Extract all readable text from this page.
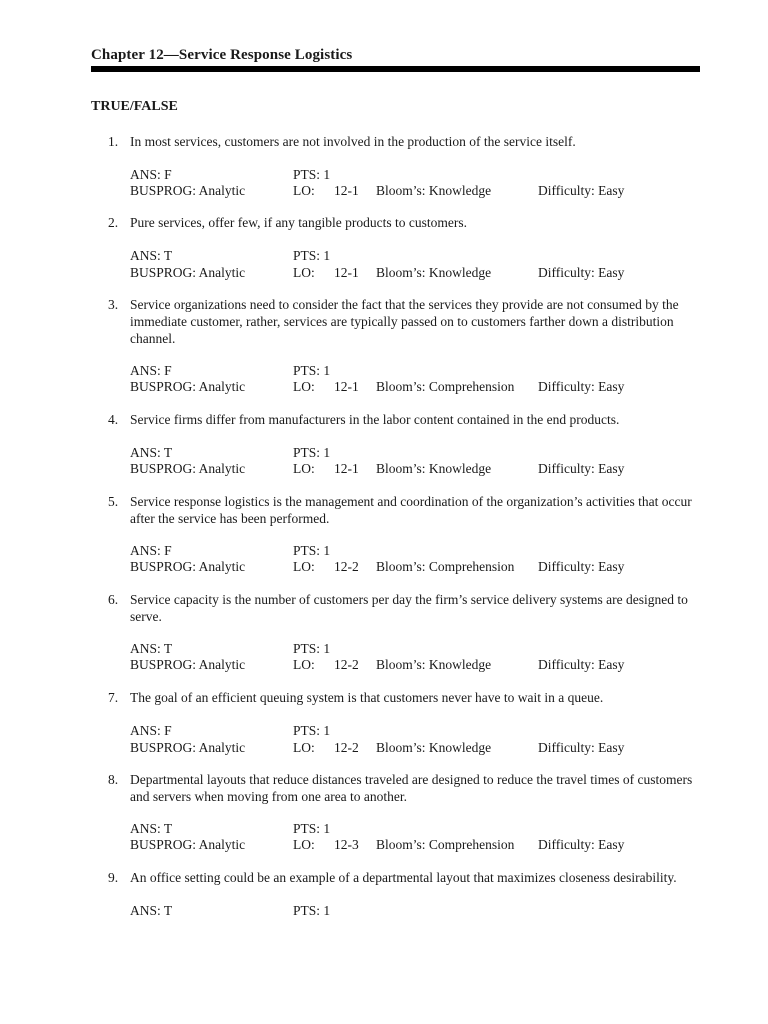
Chapter 12—Service Response Logistics
TRUE/FALSE
1. In most services, customers are not involved in the production of the service itself.
ANS: F	PTS: 1
BUSPROG: Analytic	LO: 12-1 Bloom’s: Knowledge	Difficulty: Easy
2. Pure services, offer few, if any tangible products to customers.
ANS: T	PTS: 1
BUSPROG: Analytic	LO: 12-1 Bloom’s: Knowledge	Difficulty: Easy
3. Service organizations need to consider the fact that the services they provide are not consumed by the immediate customer, rather, services are typically passed on to customers farther down a distribution channel.
ANS: F	PTS: 1
BUSPROG: Analytic	LO: 12-1 Bloom’s: Comprehension Difficulty: Easy
4. Service firms differ from manufacturers in the labor content contained in the end products.
ANS: T	PTS: 1
BUSPROG: Analytic	LO: 12-1 Bloom’s: Knowledge	Difficulty: Easy
5. Service response logistics is the management and coordination of the organization’s activities that occur after the service has been performed.
ANS: F	PTS: 1
BUSPROG: Analytic	LO: 12-2 Bloom’s: Comprehension Difficulty: Easy
6. Service capacity is the number of customers per day the firm’s service delivery systems are designed to serve.
ANS: T	PTS: 1
BUSPROG: Analytic	LO: 12-2 Bloom’s: Knowledge	Difficulty: Easy
7. The goal of an efficient queuing system is that customers never have to wait in a queue.
ANS: F	PTS: 1
BUSPROG: Analytic	LO: 12-2 Bloom’s: Knowledge	Difficulty: Easy
8. Departmental layouts that reduce distances traveled are designed to reduce the travel times of customers and servers when moving from one area to another.
ANS: T	PTS: 1
BUSPROG: Analytic	LO: 12-3 Bloom’s: Comprehension Difficulty: Easy
9. An office setting could be an example of a departmental layout that maximizes closeness desirability.
ANS: T	PTS: 1
